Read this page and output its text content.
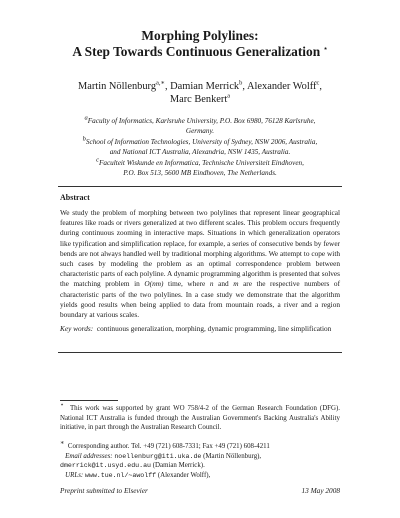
Morphing Polylines:
A Step Towards Continuous Generalization ⋆
Martin Nöllenburg$^{a,∗}$, Damian Merrick$^b$, Alexander Wolff$^c$,
Marc Benkert$^a$
$^a$Faculty of Informatics, Karlsruhe University, P.O. Box 6980, 76128 Karlsruhe,
Germany.
$^b$School of Information Technologies, University of Sydney, NSW 2006, Australia,
and National ICT Australia, Alexandria, NSW 1435, Australia.
$^c$Faculteit Wiskunde en Informatica, Technische Universiteit Eindhoven,
P.O. Box 513, 5600 MB Eindhoven, The Netherlands.
Abstract

We study the problem of morphing between two polylines that represent linear geographical features like roads or rivers generalized at two different scales. This problem occurs frequently during continuous zooming in interactive maps. Situations in which generalization operators like typification and simplification replace, for example, a series of consecutive bends by fewer bends are not always handled well by traditional morphing algorithms. We attempt to cope with such cases by modeling the problem as an optimal correspondence problem between characteristic parts of each polyline. A dynamic programming algorithm is presented that solves the matching problem in O(nm) time, where n and m are the respective numbers of characteristic parts of the two polylines. In a case study we demonstrate that the algorithm yields good results when being applied to data from mountain roads, a river and a region boundary at various scales.

Key words: continuous generalization, morphing, dynamic programming, line simplification

⋆ This work was supported by grant WO 758/4-2 of the German Research Foundation (DFG). National ICT Australia is funded through the Australian Government's Backing Australia's Ability initiative, in part through the Australian Research Council.

∗ Corresponding author. Tel. +49 (721) 608-7331; Fax +49 (721) 608-4211
Email addresses: noellenburg@iti.uka.de (Martin Nöllenburg),
dmerrick@it.usyd.edu.au (Damian Merrick).
URLs: www.tue.nl/~awolff (Alexander Wolff),

Preprint submitted to Elsevier	13 May 2008
